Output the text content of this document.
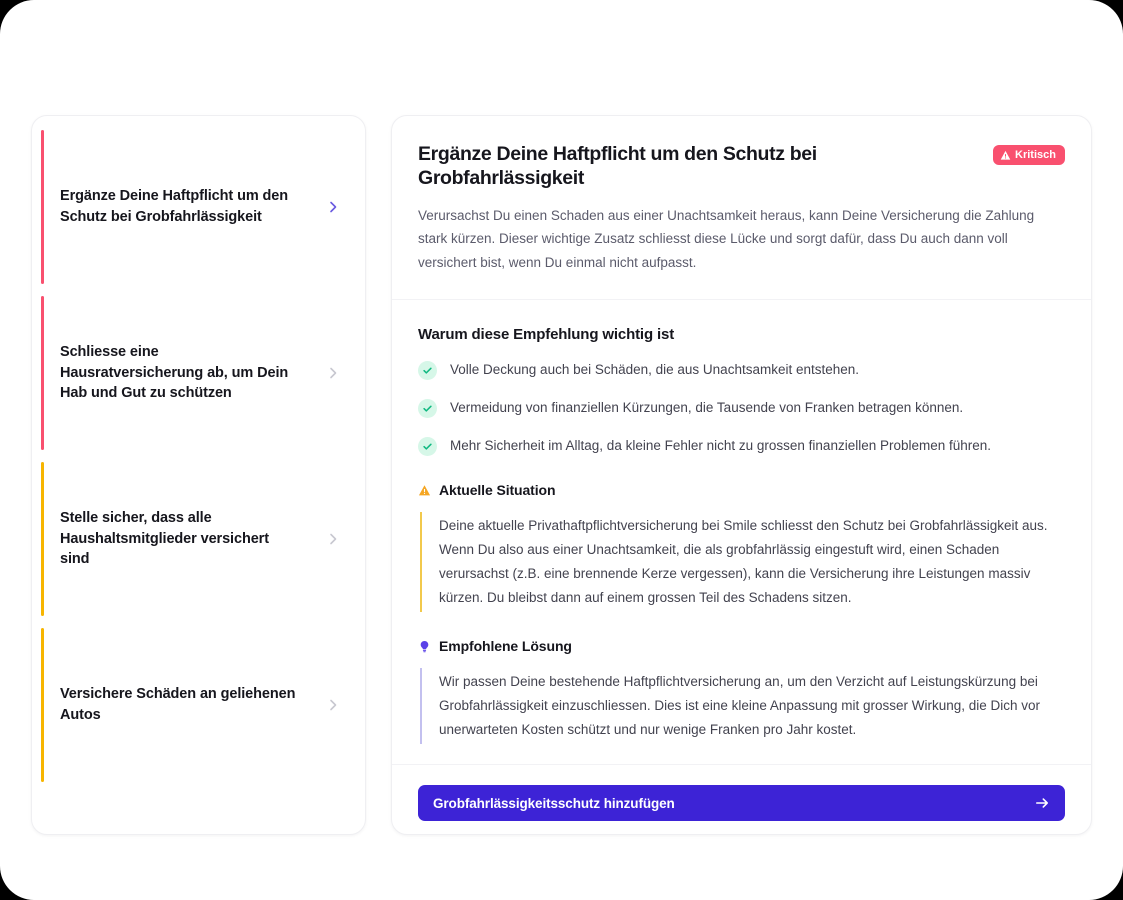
Ergänze Deine Haftpflicht um den Schutz bei Grobfahrlässigkeit
Schliesse eine Hausratversicherung ab, um Dein Hab und Gut zu schützen
Stelle sicher, dass alle Haushaltsmitglieder versichert sind
Versichere Schäden an geliehenen Autos
Ergänze Deine Haftpflicht um den Schutz bei Grobfahrlässigkeit
Kritisch

Verursachst Du einen Schaden aus einer Unachtsamkeit heraus, kann Deine Versicherung die Zahlung stark kürzen. Dieser wichtige Zusatz schliesst diese Lücke und sorgt dafür, dass Du auch dann voll versichert bist, wenn Du einmal nicht aufpasst.

Warum diese Empfehlung wichtig ist
Volle Deckung auch bei Schäden, die aus Unachtsamkeit entstehen.
Vermeidung von finanziellen Kürzungen, die Tausende von Franken betragen können.
Mehr Sicherheit im Alltag, da kleine Fehler nicht zu grossen finanziellen Problemen führen.
Aktuelle Situation

Deine aktuelle Privathaftpflichtversicherung bei Smile schliesst den Schutz bei Grobfahrlässigkeit aus. Wenn Du also aus einer Unachtsamkeit, die als grobfahrlässig eingestuft wird, einen Schaden verursachst (z.B. eine brennende Kerze vergessen), kann die Versicherung ihre Leistungen massiv kürzen. Du bleibst dann auf einem grossen Teil des Schadens sitzen.

Empfohlene Lösung

Wir passen Deine bestehende Haftpflichtversicherung an, um den Verzicht auf Leistungskürzung bei Grobfahrlässigkeit einzuschliessen. Dies ist eine kleine Anpassung mit grosser Wirkung, die Dich vor unerwarteten Kosten schützt und nur wenige Franken pro Jahr kostet.

Grobfahrlässigkeitsschutz hinzufügen
